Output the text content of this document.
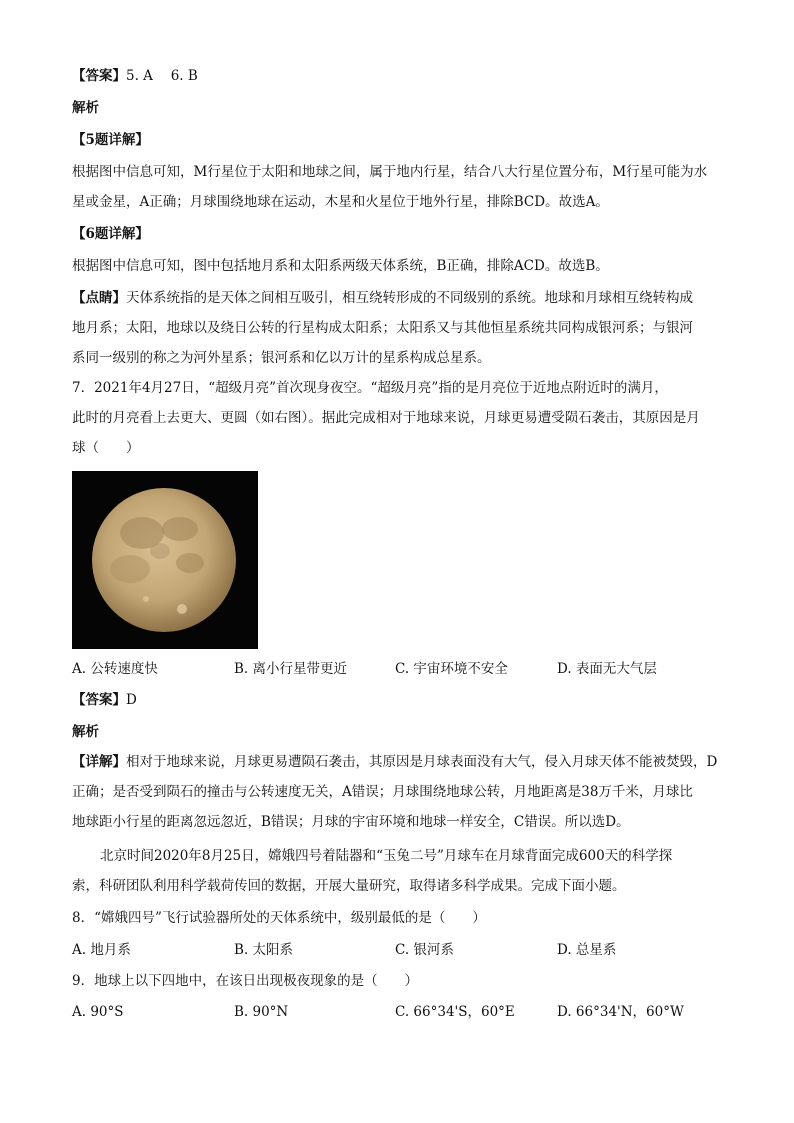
【答案】5. A　 6. B
解析
【5题详解】
根据图中信息可知，M行星位于太阳和地球之间，属于地内行星，结合八大行星位置分布，M行星可能为水
星或金星，A正确；月球围绕地球在运动，木星和火星位于地外行星，排除BCD。故选A。
【6题详解】
根据图中信息可知，图中包括地月系和太阳系两级天体系统，B正确，排除ACD。故选B。
【点睛】天体系统指的是天体之间相互吸引，相互绕转形成的不同级别的系统。地球和月球相互绕转构成
地月系；太阳，地球以及绕日公转的行星构成太阳系；太阳系又与其他恒星系统共同构成银河系；与银河
系同一级别的称之为河外星系；银河系和亿以万计的星系构成总星系。
7．2021年4月27日，“超级月亮”首次现身夜空。“超级月亮”指的是月亮位于近地点附近时的满月，
此时的月亮看上去更大、更圆（如右图）。据此完成相对于地球来说，月球更易遭受陨石袭击，其原因是月
球（　　）
A. 公转速度快	B. 离小行星带更近	C. 宇宙环境不安全	D. 表面无大气层
【答案】D
解析
【详解】相对于地球来说，月球更易遭陨石袭击，其原因是月球表面没有大气，侵入月球天体不能被焚毁，D
正确；是否受到陨石的撞击与公转速度无关，A错误；月球围绕地球公转，月地距离是38万千米，月球比
地球距小行星的距离忽远忽近，B错误；月球的宇宙环境和地球一样安全，C错误。所以选D。
北京时间2020年8月25日，嫦娥四号着陆器和“玉兔二号”月球车在月球背面完成600天的科学探
索，科研团队利用科学载荷传回的数据，开展大量研究，取得诸多科学成果。完成下面小题。
8．“嫦娥四号”飞行试验器所处的天体系统中，级别最低的是（　　）
A. 地月系	B. 太阳系	C. 银河系	D. 总星系
9．地球上以下四地中，在该日出现极夜现象的是（　　）
A. 90°S	B. 90°N	C. 66°34'S，60°E	D. 66°34'N，60°W
